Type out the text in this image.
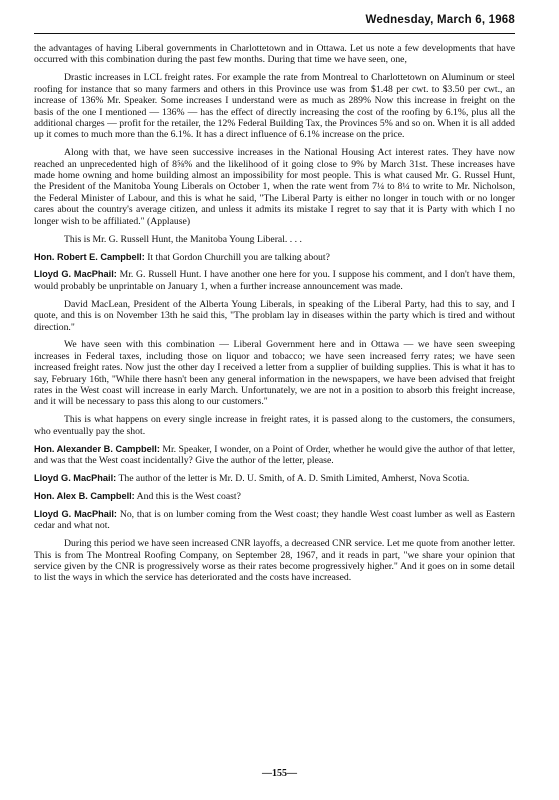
Wednesday, March 6, 1968

the advantages of having Liberal governments in Charlottetown and in Ottawa. Let us note a few developments that have occurred with this combination during the past few months. During that time we have seen, one,

Drastic increases in LCL freight rates. For example the rate from Montreal to Charlottetown on Aluminum or steel roofing for instance that so many farmers and others in this Province use was from $1.48 per cwt. to $3.50 per cwt., an increase of 136% Mr. Speaker. Some increases I understand were as much as 289% Now this increase in freight on the basis of the one I mentioned — 136% — has the effect of directly increasing the cost of the roofing by 6.1%, plus all the additional charges — profit for the retailer, the 12% Federal Building Tax, the Provinces 5% and so on. When it is all added up it comes to much more than the 6.1%. It has a direct influence of 6.1% increase on the price.

Along with that, we have seen successive increases in the National Housing Act interest rates. They have now reached an unprecedented high of 8⅝% and the likelihood of it going close to 9% by March 31st. These increases have made home owning and home building almost an impossibility for most people. This is what caused Mr. G. Russel Hunt, the President of the Manitoba Young Liberals on October 1, when the rate went from 7¼ to 8¼ to write to Mr. Nicholson, the Federal Minister of Labour, and this is what he said, "The Liberal Party is either no longer in touch with or no longer cares about the country's average citizen, and unless it admits its mistake I regret to say that it is Party with which I no longer wish to be affiliated." (Applause)

This is Mr. G. Russell Hunt, the Manitoba Young Liberal. . . .

Hon. Robert E. Campbell: It that Gordon Churchill you are talking about?

Lloyd G. MacPhail: Mr. G. Russell Hunt. I have another one here for you. I suppose his comment, and I don't have them, would probably be unprintable on January 1, when a further increase announcement was made.

David MacLean, President of the Alberta Young Liberals, in speaking of the Liberal Party, had this to say, and I quote, and this is on November 13th he said this, "The problam lay in diseases within the party which is tired and without direction."

We have seen with this combination — Liberal Government here and in Ottawa — we have seen sweeping increases in Federal taxes, including those on liquor and tobacco; we have seen increased ferry rates; we have seen increased freight rates. Now just the other day I received a letter from a supplier of building supplies. This is what it has to say, February 16th, "While there hasn't been any general information in the newspapers, we have been advised that freight rates in the West coast will increase in early March. Unfortunately, we are not in a position to absorb this freight increase, and it will be necessary to pass this along to our customers."

This is what happens on every single increase in freight rates, it is passed along to the customers, the consumers, who eventually pay the shot.

Hon. Alexander B. Campbell: Mr. Speaker, I wonder, on a Point of Order, whether he would give the author of that letter, and was that the West coast incidentally? Give the author of the letter, please.

Lloyd G. MacPhail: The author of the letter is Mr. D. U. Smith, of A. D. Smith Limited, Amherst, Nova Scotia.

Hon. Alex B. Campbell: And this is the West coast?

Lloyd G. MacPhail: No, that is on lumber coming from the West coast; they handle West coast lumber as well as Eastern cedar and what not.

During this period we have seen increased CNR layoffs, a decreased CNR service. Let me quote from another letter. This is from The Montreal Roofing Company, on September 28, 1967, and it reads in part, "we share your opinion that service given by the CNR is progressively worse as their rates become progressively higher." And it goes on in some detail to list the ways in which the service has deteriorated and the costs have increased.

—155—
